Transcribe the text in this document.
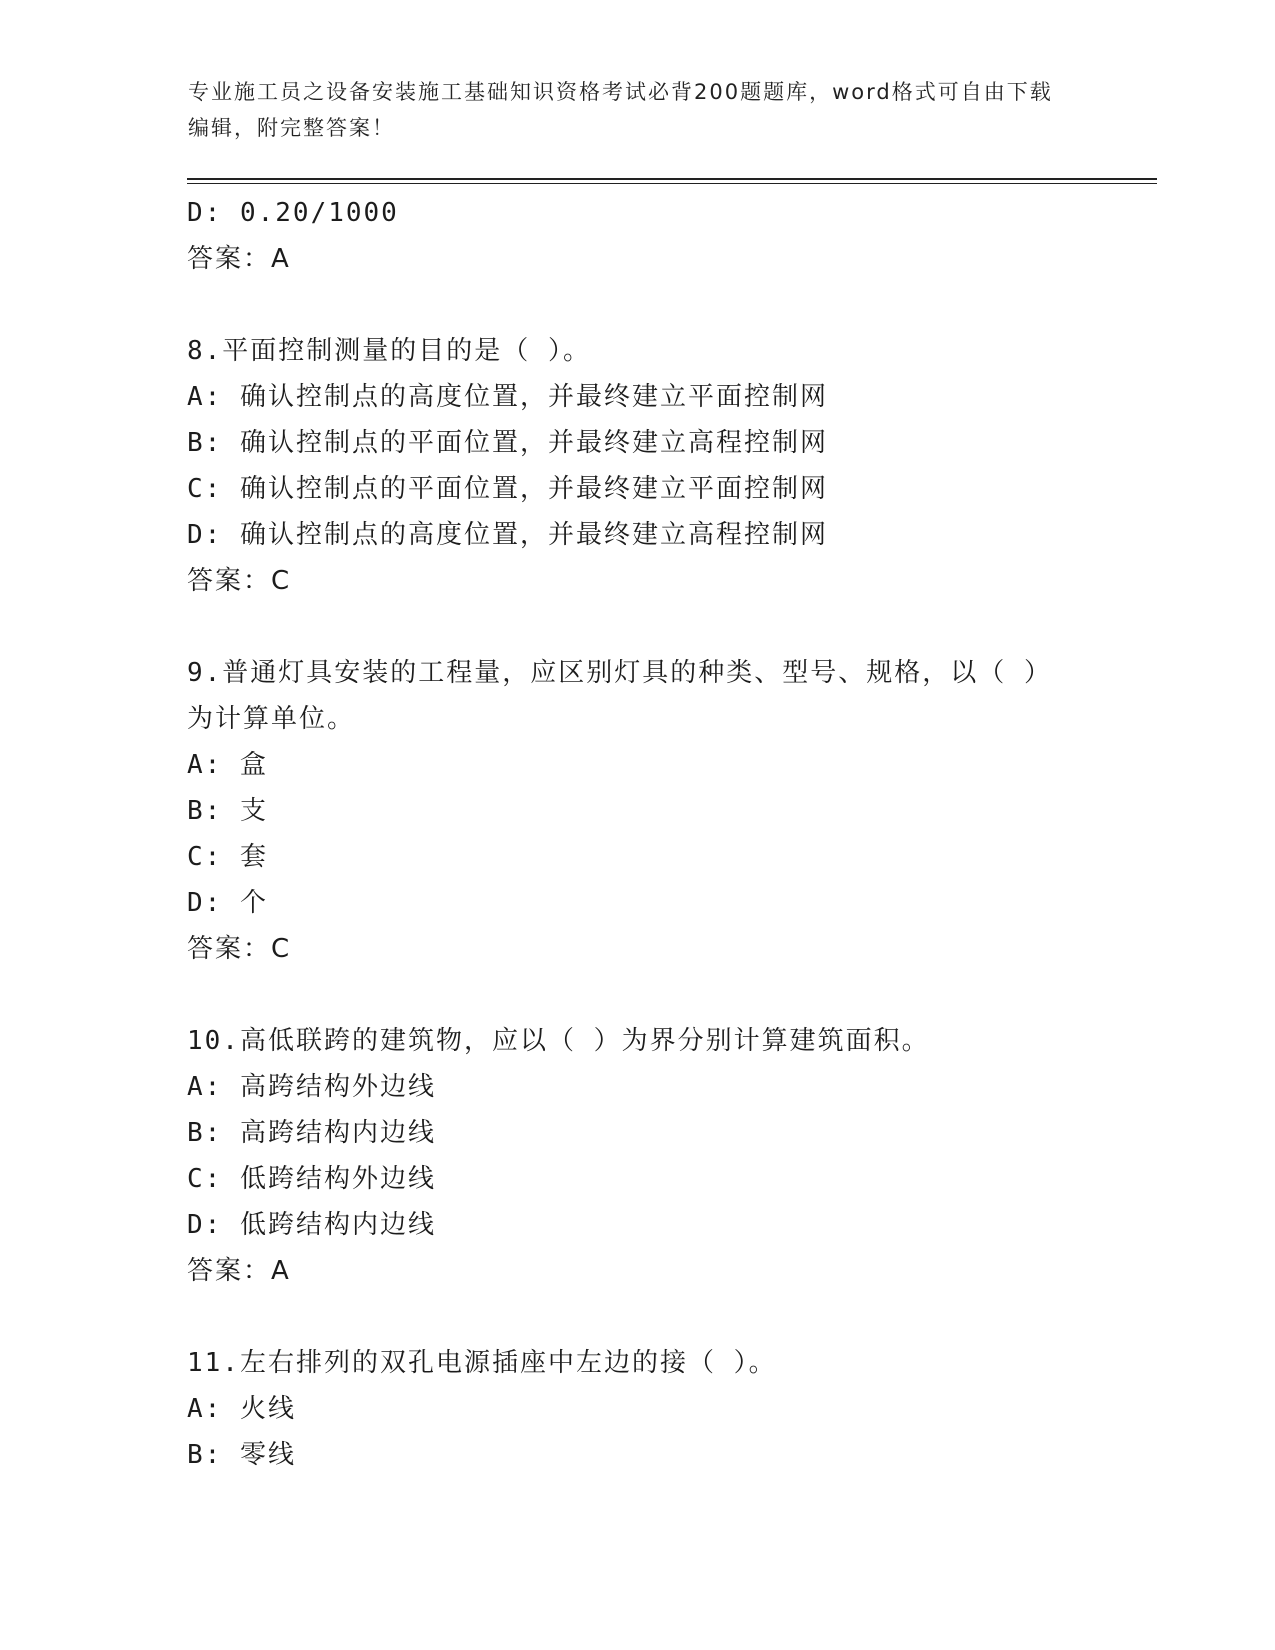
专业施工员之设备安装施工基础知识资格考试必背200题题库，word格式可自由下载编辑，附完整答案！
D: 0.20/1000
答案：A
8.平面控制测量的目的是（ ）。
A: 确认控制点的高度位置，并最终建立平面控制网
B: 确认控制点的平面位置，并最终建立高程控制网
C: 确认控制点的平面位置，并最终建立平面控制网
D: 确认控制点的高度位置，并最终建立高程控制网
答案：C
9.普通灯具安装的工程量，应区别灯具的种类、型号、规格，以（ ）为计算单位。
A: 盒
B: 支
C: 套
D: 个
答案：C
10.高低联跨的建筑物，应以（ ）为界分别计算建筑面积。
A: 高跨结构外边线
B: 高跨结构内边线
C: 低跨结构外边线
D: 低跨结构内边线
答案：A
11.左右排列的双孔电源插座中左边的接（ ）。
A: 火线
B: 零线
